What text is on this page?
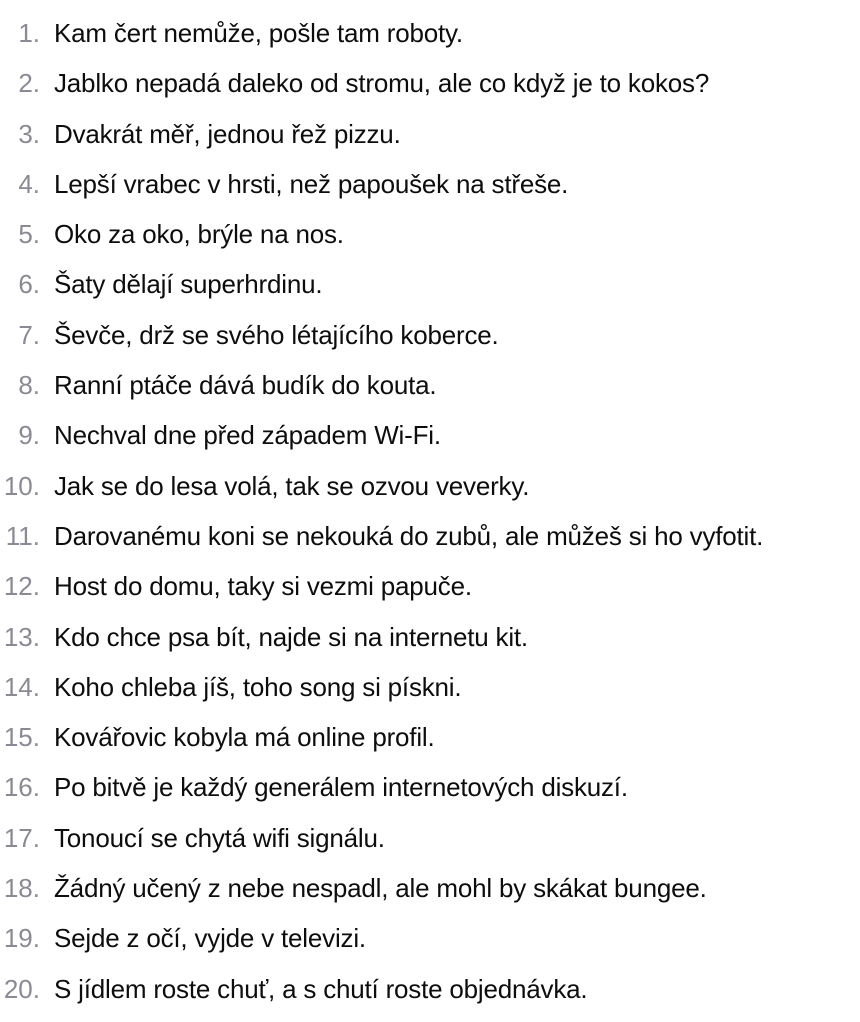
1. Kam čert nemůže, pošle tam roboty.
2. Jablko nepadá daleko od stromu, ale co když je to kokos?
3. Dvakrát měř, jednou řež pizzu.
4. Lepší vrabec v hrsti, než papoušek na střeše.
5. Oko za oko, brýle na nos.
6. Šaty dělají superhrdinu.
7. Ševče, drž se svého létajícího koberce.
8. Ranní ptáče dává budík do kouta.
9. Nechval dne před západem Wi-Fi.
10. Jak se do lesa volá, tak se ozvou veverky.
11. Darovanému koni se nekouká do zubů, ale můžeš si ho vyfotit.
12. Host do domu, taky si vezmi papuče.
13. Kdo chce psa bít, najde si na internetu kit.
14. Koho chleba jíš, toho song si pískni.
15. Kovářovic kobyla má online profil.
16. Po bitvě je každý generálem internetových diskuzí.
17. Tonoucí se chytá wifi signálu.
18. Žádný učený z nebe nespadl, ale mohl by skákat bungee.
19. Sejde z očí, vyjde v televizi.
20. S jídlem roste chuť, a s chutí roste objednávka.
